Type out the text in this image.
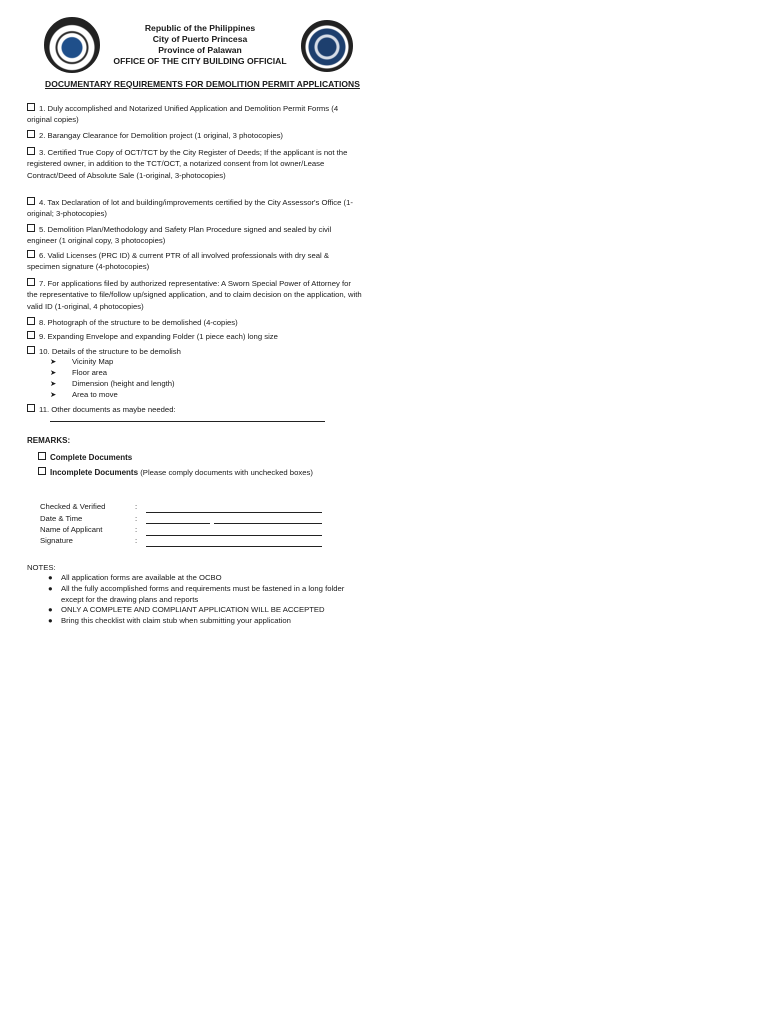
Republic of the Philippines
City of Puerto Princesa
Province of Palawan
OFFICE OF THE CITY BUILDING OFFICIAL
DOCUMENTARY REQUIREMENTS FOR DEMOLITION PERMIT APPLICATIONS
1. Duly accomplished and Notarized Unified Application and Demolition Permit Forms (4 original copies)
2. Barangay Clearance for Demolition project (1 original, 3 photocopies)
3. Certified True Copy of OCT/TCT by the City Register of Deeds; If the applicant is not the registered owner, in addition to the TCT/OCT, a notarized consent from lot owner/Lease Contract/Deed of Absolute Sale (1-original, 3-photocopies)
4. Tax Declaration of lot and building/improvements certified by the City Assessor's Office (1-original; 3-photocopies)
5. Demolition Plan/Methodology and Safety Plan Procedure signed and sealed by civil engineer (1 original copy, 3 photocopies)
6. Valid Licenses (PRC ID) & current PTR of all involved professionals with dry seal & specimen signature (4-photocopies)
7. For applications filed by authorized representative: A Sworn Special Power of Attorney for the representative to file/follow up/signed application, and to claim decision on the application, with valid ID (1-original, 4 photocopies)
8. Photograph of the structure to be demolished (4-copies)
9. Expanding Envelope and expanding Folder (1 piece each) long size
10. Details of the structure to be demolish
➤ Vicinity Map
➤ Floor area
➤ Dimension (height and length)
➤ Area to move
11. Other documents as maybe needed:
REMARKS:
Complete Documents
Incomplete Documents (Please comply documents with unchecked boxes)
Checked & Verified	:
Date & Time	:
Name of Applicant	:
Signature	:
NOTES:
●	All application forms are available at the OCBO
●	All the fully accomplished forms and requirements must be fastened in a long folder except for the drawing plans and reports
●	ONLY A COMPLETE AND COMPLIANT APPLICATION WILL BE ACCEPTED
●	Bring this checklist with claim stub when submitting your application
